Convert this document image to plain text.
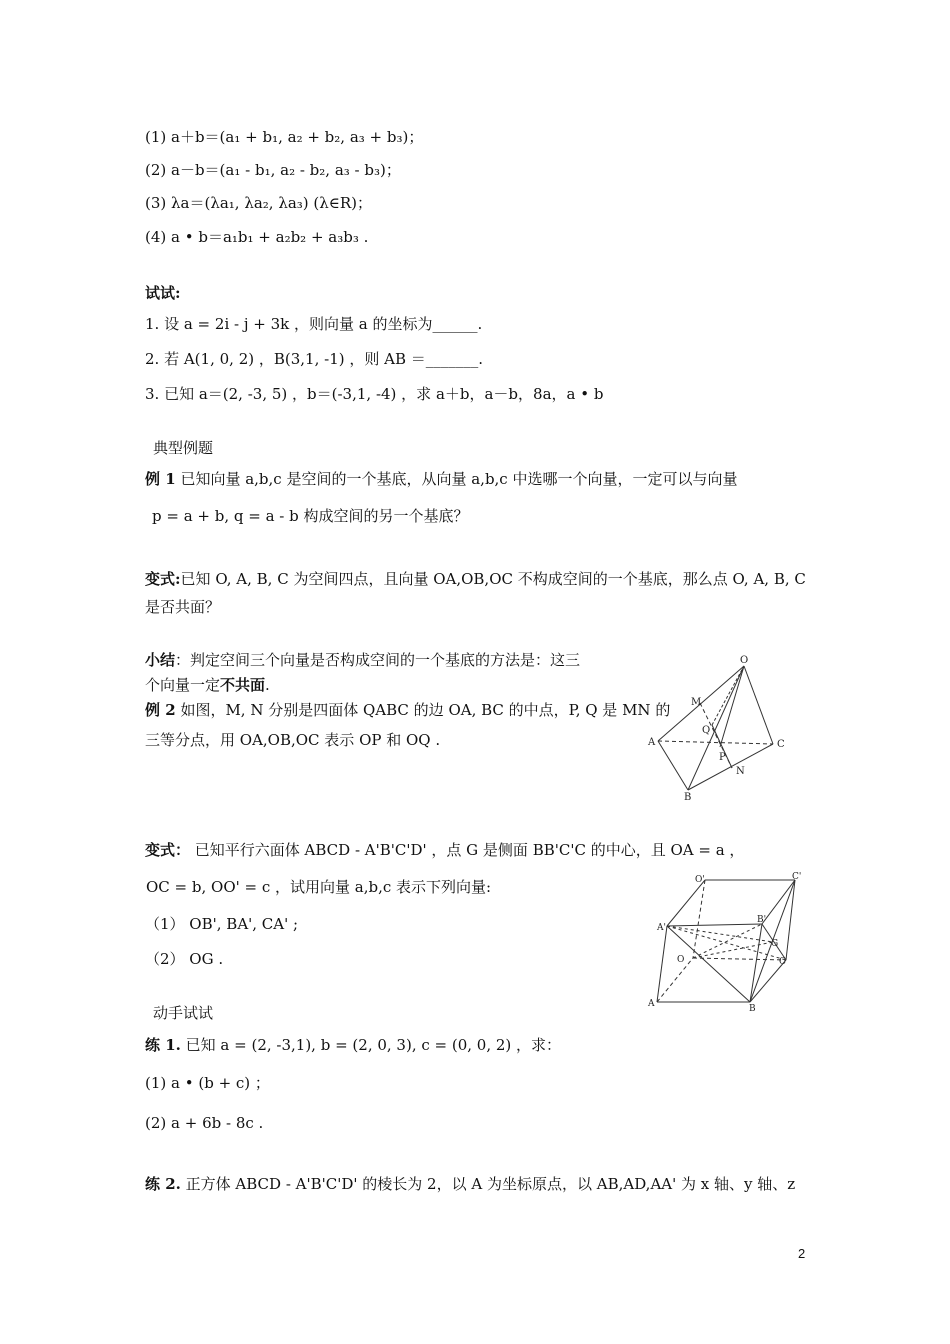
(1) a＋b＝(a₁ + b₁, a₂ + b₂, a₃ + b₃)；
(2) a－b＝(a₁ - b₁, a₂ - b₂, a₃ - b₃)；
(3) λa＝(λa₁, λa₂, λa₃) (λ∈R)；
(4) a • b＝a₁b₁ + a₂b₂ + a₃b₃ .
试试:
1. 设 a = 2i - j + 3k ，则向量 a 的坐标为______.
2. 若 A(1, 0, 2) ，B(3,1, -1) ，则 AB ＝_______.
3. 已知 a＝(2, -3, 5) ，b＝(-3,1, -4) ，求 a＋b，a－b，8a，a • b
典型例题
例 1 已知向量 a,b,c 是空间的一个基底，从向量 a,b,c 中选哪一个向量，一定可以与向量
p = a + b, q = a - b 构成空间的另一个基底？
变式:已知 O, A, B, C 为空间四点，且向量 OA,OB,OC 不构成空间的一个基底，那么点 O, A, B, C
是否共面？
小结：判定空间三个向量是否构成空间的一个基底的方法是：这三
个向量一定不共面.
例 2 如图，M, N 分别是四面体 QABC 的边 OA, BC 的中点，P, Q 是 MN 的
三等分点，用 OA,OB,OC 表示 OP 和 OQ .
O
M
A
Q
P
C
N
B
变式： 已知平行六面体 ABCD - A'B'C'D' ，点 G 是侧面 BB'C'C 的中心，且 OA = a ，
OC = b, OO' = c ，试用向量 a,b,c 表示下列向量:
（1） OB', BA', CA' ;
（2） OG .
O'	C'
A'
B'
G
O	C
A	B
动手试试
练 1. 已知 a = (2, -3,1), b = (2, 0, 3), c = (0, 0, 2) ，求：
(1) a • (b + c) ；
(2) a + 6b - 8c .
练 2. 正方体 ABCD - A'B'C'D' 的棱长为 2，以 A 为坐标原点，以 AB,AD,AA' 为 x 轴、y 轴、z
2
